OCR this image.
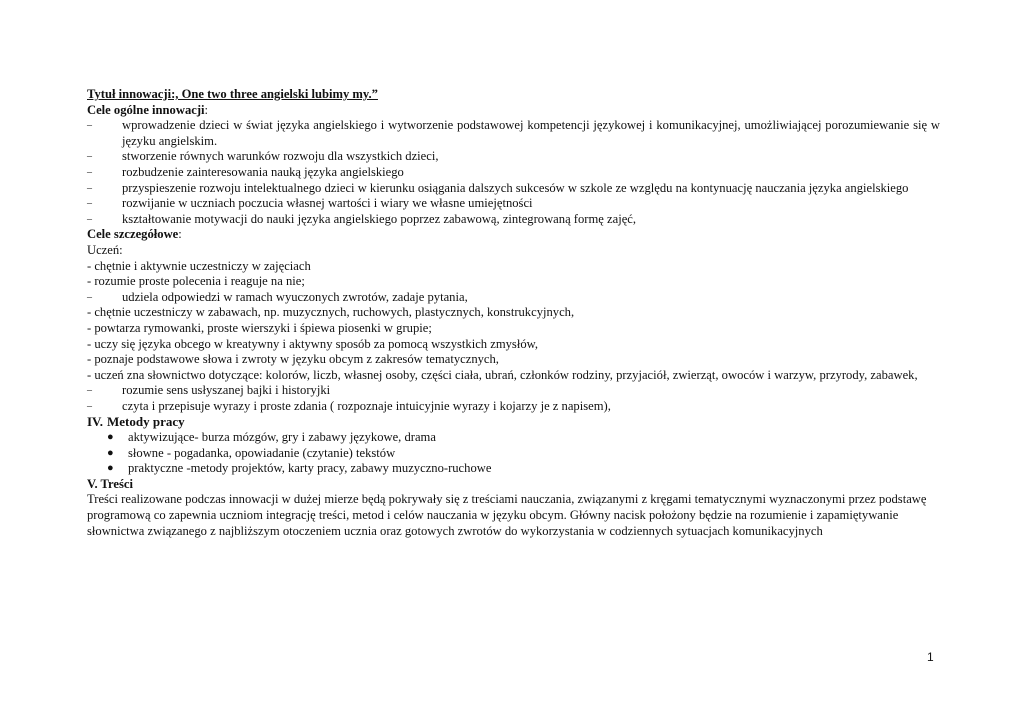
Tytuł innowacji:, One two three angielski lubimy my.”
Cele ogólne innowacji:
– wprowadzenie dzieci w świat języka angielskiego i wytworzenie podstawowej kompetencji językowej i komunikacyjnej, umożliwiającej porozumiewanie się w języku angielskim.
– stworzenie równych warunków rozwoju dla wszystkich dzieci,
– rozbudzenie zainteresowania nauką języka angielskiego
– przyspieszenie rozwoju intelektualnego dzieci w kierunku osiągania dalszych sukcesów w szkole ze względu na kontynuację nauczania języka angielskiego
– rozwijanie w uczniach poczucia własnej wartości i wiary we własne umiejętności
– kształtowanie motywacji do nauki języka angielskiego poprzez zabawową, zintegrowaną formę zajęć,
Cele szczegółowe:
Uczeń:
- chętnie i aktywnie uczestniczy w zajęciach
- rozumie proste polecenia i reaguje na nie;
– udziela odpowiedzi w ramach wyuczonych zwrotów, zadaje pytania,
- chętnie uczestniczy w zabawach, np. muzycznych, ruchowych, plastycznych, konstrukcyjnych,
- powtarza rymowanki, proste wierszyki i śpiewa piosenki w grupie;
- uczy się języka obcego w kreatywny i aktywny sposób za pomocą wszystkich zmysłów,
- poznaje podstawowe słowa i zwroty w języku obcym z zakresów tematycznych,
- uczeń zna słownictwo dotyczące: kolorów, liczb, własnej osoby, części ciała, ubrań, członków rodziny, przyjaciół, zwierząt, owoców i warzyw, przyrody, zabawek,
– rozumie sens usłyszanej bajki i historyjki
– czyta i przepisuje wyrazy i proste zdania ( rozpoznaje intuicyjnie wyrazy i kojarzy je z napisem),
IV. Metody pracy
● aktywizujące- burza mózgów, gry i zabawy językowe, drama
● słowne - pogadanka, opowiadanie (czytanie) tekstów
● praktyczne -metody projektów, karty pracy, zabawy muzyczno-ruchowe
V. Treści
Treści realizowane podczas innowacji w dużej mierze będą pokrywały się z treściami nauczania, związanymi z kręgami tematycznymi wyznaczonymi przez podstawę programową co zapewnia uczniom integrację treści, metod i celów nauczania w języku obcym. Główny nacisk położony będzie na rozumienie i zapamiętywanie słownictwa związanego z najbliższym otoczeniem ucznia oraz gotowych zwrotów do wykorzystania w codziennych sytuacjach komunikacyjnych
1
